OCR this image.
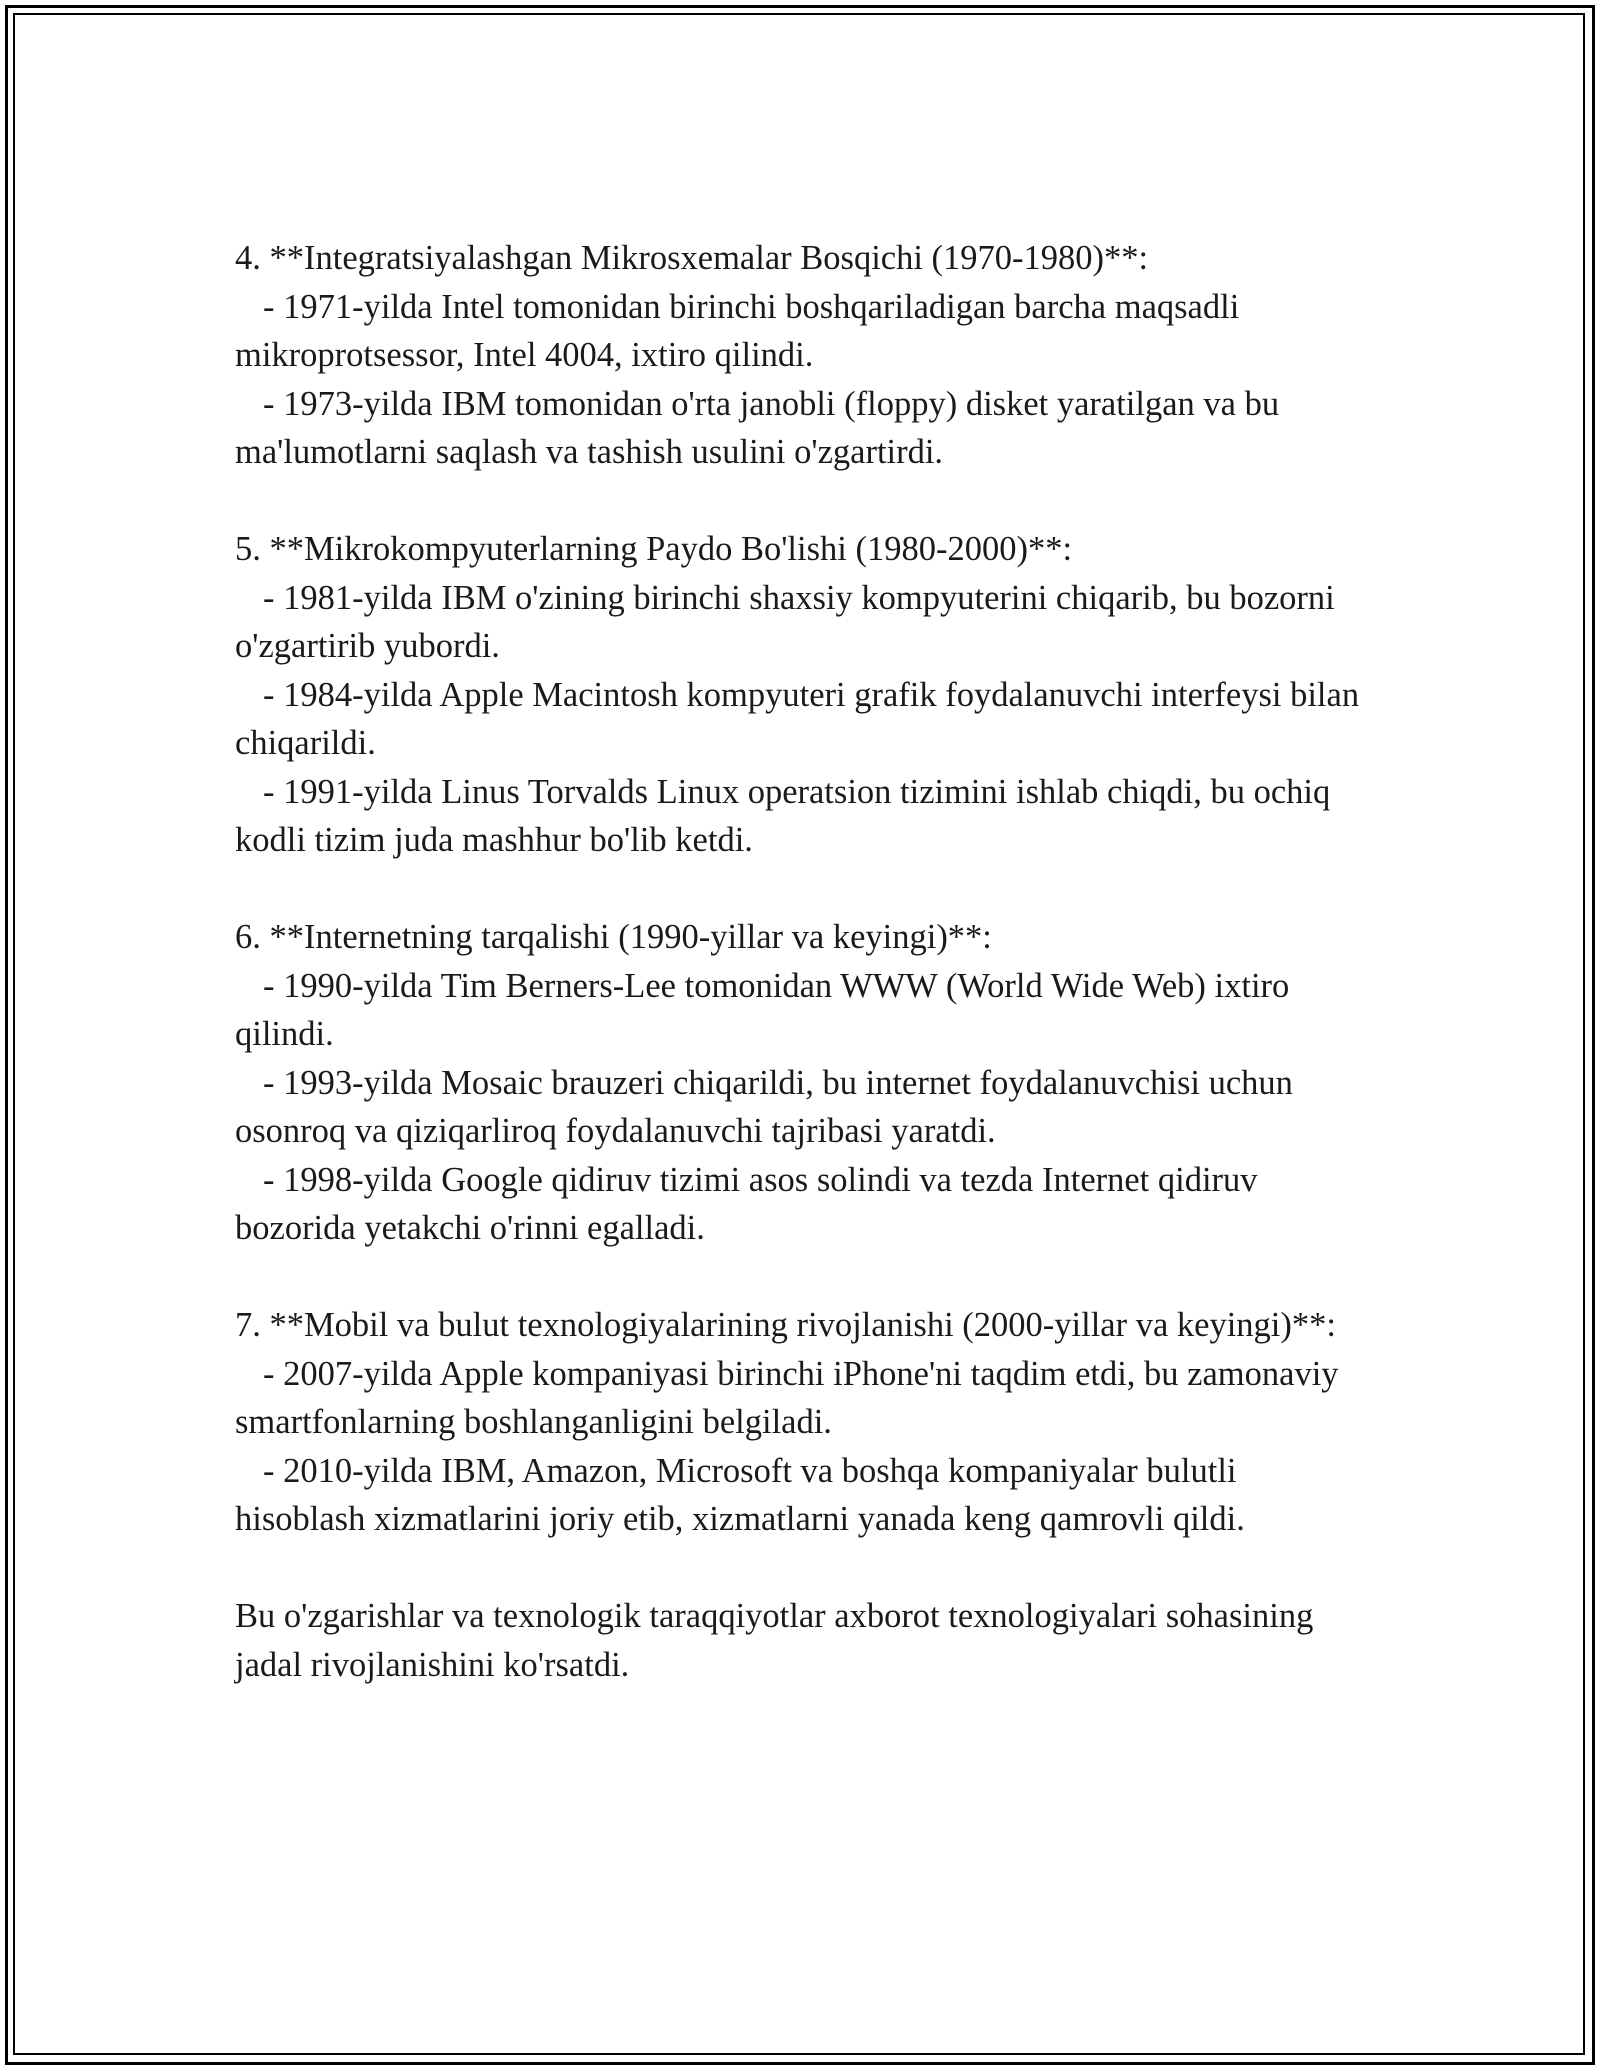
4. **Integratsiyalashgan Mikrosxemalar Bosqichi (1970-1980)**:

- 1971-yilda Intel tomonidan birinchi boshqariladigan barcha maqsadli mikroprotsessor, Intel 4004, ixtiro qilindi.

- 1973-yilda IBM tomonidan o'rta janobli (floppy) disket yaratilgan va bu ma'lumotlarni saqlash va tashish usulini o'zgartirdi.

5. **Mikrokompyuterlarning Paydo Bo'lishi (1980-2000)**:

- 1981-yilda IBM o'zining birinchi shaxsiy kompyuterini chiqarib, bu bozorni o'zgartirib yubordi.

- 1984-yilda Apple Macintosh kompyuteri grafik foydalanuvchi interfeysi bilan chiqarildi.

- 1991-yilda Linus Torvalds Linux operatsion tizimini ishlab chiqdi, bu ochiq kodli tizim juda mashhur bo'lib ketdi.

6. **Internetning tarqalishi (1990-yillar va keyingi)**:

- 1990-yilda Tim Berners-Lee tomonidan WWW (World Wide Web) ixtiro qilindi.

- 1993-yilda Mosaic brauzeri chiqarildi, bu internet foydalanuvchisi uchun osonroq va qiziqarliroq foydalanuvchi tajribasi yaratdi.

- 1998-yilda Google qidiruv tizimi asos solindi va tezda Internet qidiruv bozorida yetakchi o'rinni egalladi.

7. **Mobil va bulut texnologiyalarining rivojlanishi (2000-yillar va keyingi)**:

- 2007-yilda Apple kompaniyasi birinchi iPhone'ni taqdim etdi, bu zamonaviy smartfonlarning boshlanganligini belgiladi.

- 2010-yilda IBM, Amazon, Microsoft va boshqa kompaniyalar bulutli hisoblash xizmatlarini joriy etib, xizmatlarni yanada keng qamrovli qildi.

Bu o'zgarishlar va texnologik taraqqiyotlar axborot texnologiyalari sohasining jadal rivojlanishini ko'rsatdi.
